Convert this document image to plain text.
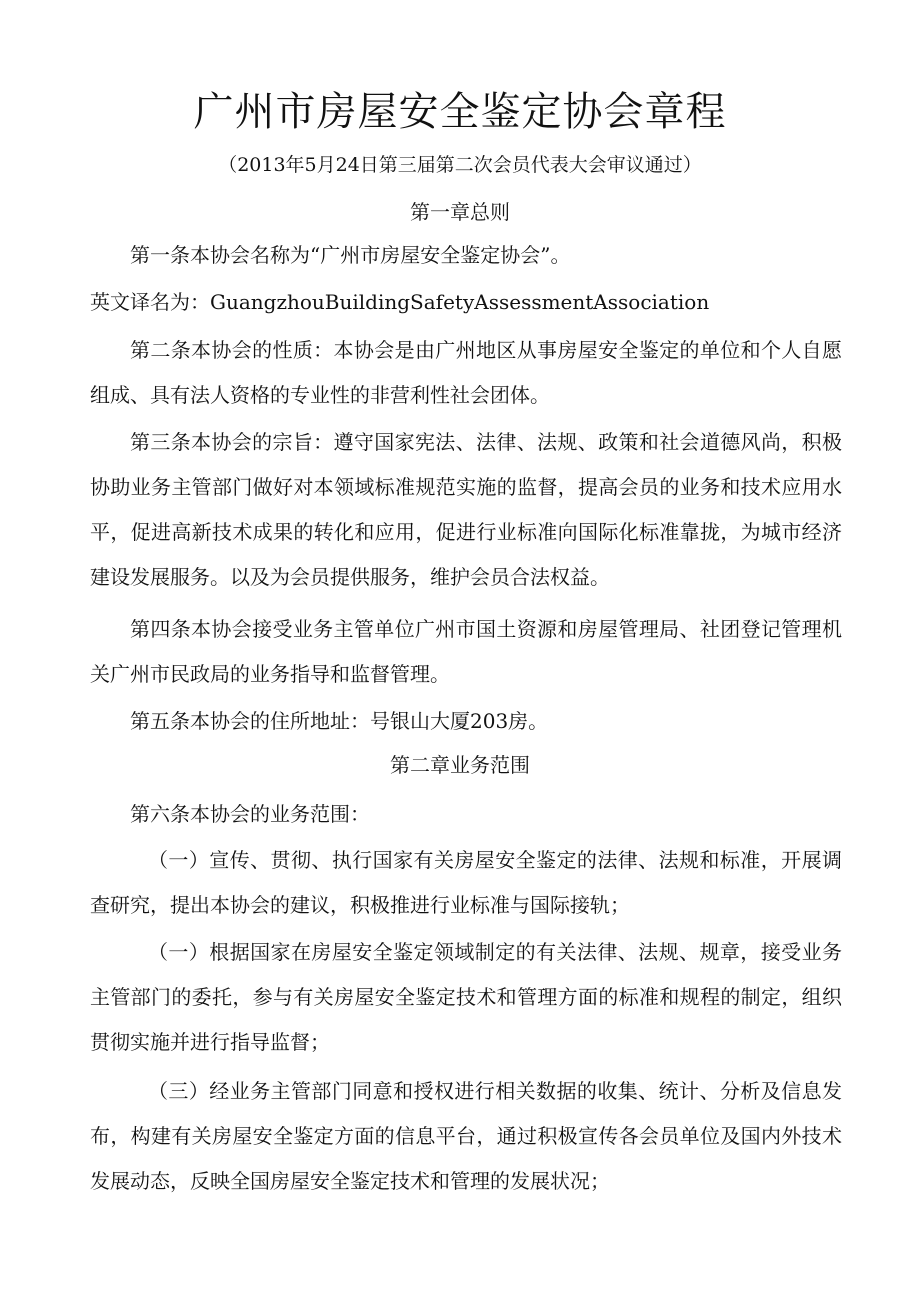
广州市房屋安全鉴定协会章程
（2013年5月24日第三届第二次会员代表大会审议通过）
第一章总则
第一条本协会名称为“广州市房屋安全鉴定协会”。
英文译名为：GuangzhouBuildingSafetyAssessmentAssociation
第二条本协会的性质：本协会是由广州地区从事房屋安全鉴定的单位和个人自愿组成、具有法人资格的专业性的非营利性社会团体。
第三条本协会的宗旨：遵守国家宪法、法律、法规、政策和社会道德风尚，积极协助业务主管部门做好对本领域标准规范实施的监督，提高会员的业务和技术应用水平，促进高新技术成果的转化和应用，促进行业标准向国际化标准靠拢，为城市经济建设发展服务。以及为会员提供服务，维护会员合法权益。
第四条本协会接受业务主管单位广州市国土资源和房屋管理局、社团登记管理机关广州市民政局的业务指导和监督管理。
第五条本协会的住所地址：号银山大厦203房。
第二章业务范围
第六条本协会的业务范围：
（一）宣传、贯彻、执行国家有关房屋安全鉴定的法律、法规和标准，开展调查研究，提出本协会的建议，积极推进行业标准与国际接轨；
（一）根据国家在房屋安全鉴定领域制定的有关法律、法规、规章，接受业务主管部门的委托，参与有关房屋安全鉴定技术和管理方面的标准和规程的制定，组织贯彻实施并进行指导监督；
（三）经业务主管部门同意和授权进行相关数据的收集、统计、分析及信息发布，构建有关房屋安全鉴定方面的信息平台，通过积极宣传各会员单位及国内外技术发展动态，反映全国房屋安全鉴定技术和管理的发展状况；
